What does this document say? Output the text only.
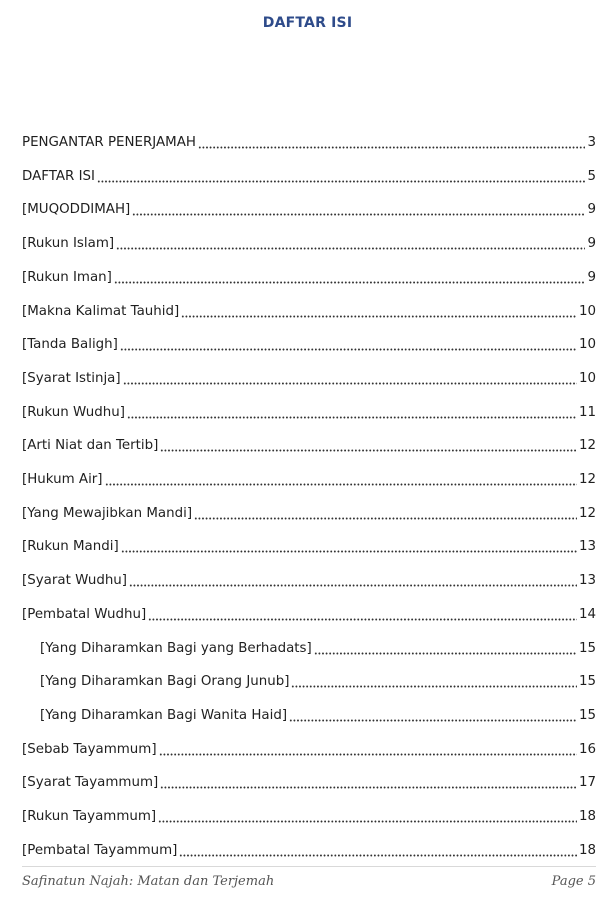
DAFTAR ISI
PENGANTAR PENERJAMAH	3
DAFTAR ISI	5
[MUQODDIMAH]	9
[Rukun Islam]	9
[Rukun Iman]	9
[Makna Kalimat Tauhid]	10
[Tanda Baligh]	10
[Syarat Istinja]	10
[Rukun Wudhu]	11
[Arti Niat dan Tertib]	12
[Hukum Air]	12
[Yang Mewajibkan Mandi]	12
[Rukun Mandi]	13
[Syarat Wudhu]	13
[Pembatal Wudhu]	14
[Yang Diharamkan Bagi yang Berhadats]	15
[Yang Diharamkan Bagi Orang Junub]	15
[Yang Diharamkan Bagi Wanita Haid]	15
[Sebab Tayammum]	16
[Syarat Tayammum]	17
[Rukun Tayammum]	18
[Pembatal Tayammum]	18
Safinatun Najah: Matan dan Terjemah	Page 5
